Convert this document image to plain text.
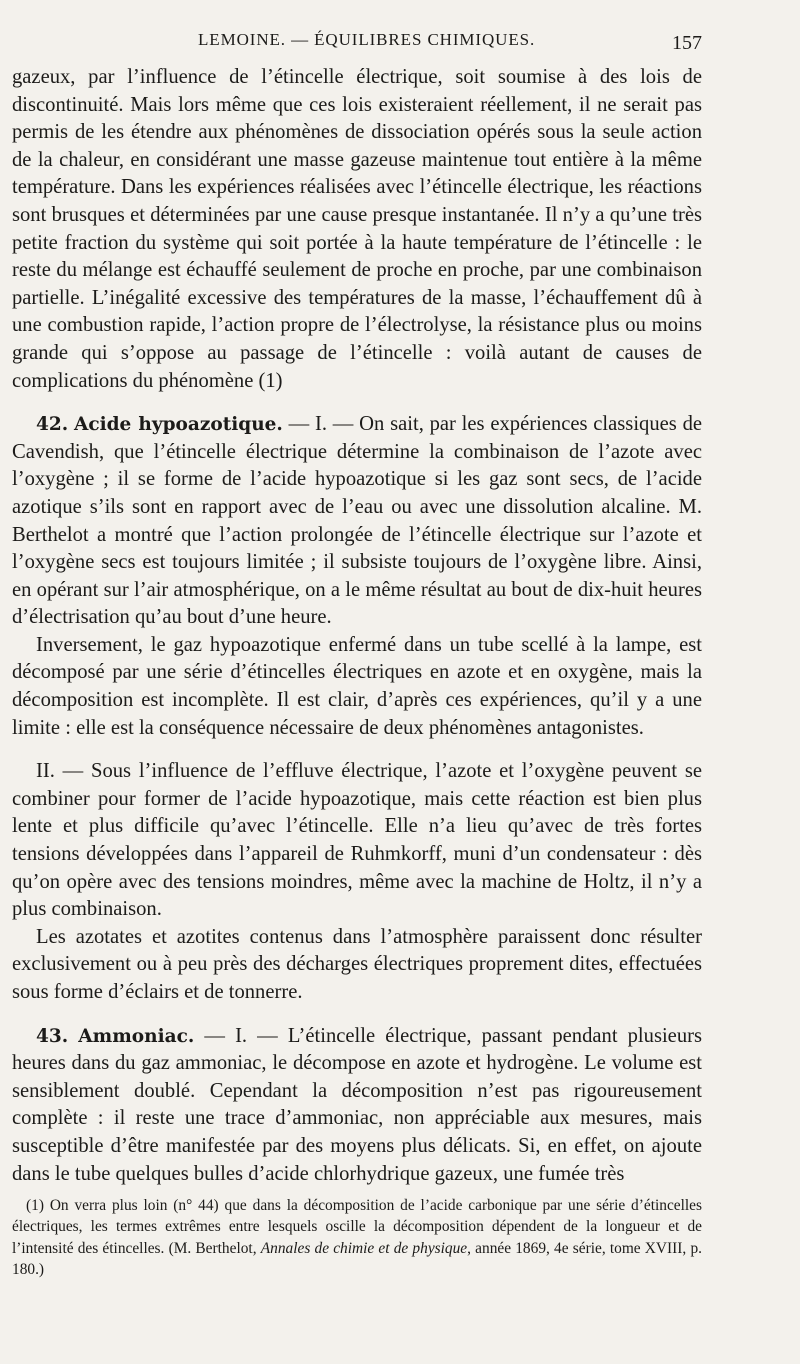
LEMOINE. — ÉQUILIBRES CHIMIQUES.	157

gazeux, par l’influence de l’étincelle électrique, soit soumise à des lois de discontinuité. Mais lors même que ces lois existeraient réellement, il ne serait pas permis de les étendre aux phénomènes de dissociation opérés sous la seule action de la chaleur, en considérant une masse gazeuse maintenue tout entière à la même température. Dans les expériences réalisées avec l’étincelle électrique, les réactions sont brusques et déterminées par une cause presque instantanée. Il n’y a qu’une très petite fraction du système qui soit portée à la haute température de l’étincelle : le reste du mélange est échauffé seulement de proche en proche, par une combinaison partielle. L’inégalité excessive des températures de la masse, l’échauffement dû à une combustion rapide, l’action propre de l’électrolyse, la résistance plus ou moins grande qui s’oppose au passage de l’étincelle : voilà autant de causes de complications du phénomène (1)

42. Acide hypoazotique. — I. — On sait, par les expériences classiques de Cavendish, que l’étincelle électrique détermine la combinaison de l’azote avec l’oxygène ; il se forme de l’acide hypoazotique si les gaz sont secs, de l’acide azotique s’ils sont en rapport avec de l’eau ou avec une dissolution alcaline. M. Berthelot a montré que l’action prolongée de l’étincelle électrique sur l’azote et l’oxygène secs est toujours limitée ; il subsiste toujours de l’oxygène libre. Ainsi, en opérant sur l’air atmosphérique, on a le même résultat au bout de dix-huit heures d’électrisation qu’au bout d’une heure.

Inversement, le gaz hypoazotique enfermé dans un tube scellé à la lampe, est décomposé par une série d’étincelles électriques en azote et en oxygène, mais la décomposition est incomplète. Il est clair, d’après ces expériences, qu’il y a une limite : elle est la conséquence nécessaire de deux phénomènes antagonistes.

II. — Sous l’influence de l’effluve électrique, l’azote et l’oxygène peuvent se combiner pour former de l’acide hypoazotique, mais cette réaction est bien plus lente et plus difficile qu’avec l’étincelle. Elle n’a lieu qu’avec de très fortes tensions développées dans l’appareil de Ruhmkorff, muni d’un condensateur : dès qu’on opère avec des tensions moindres, même avec la machine de Holtz, il n’y a plus combinaison.

Les azotates et azotites contenus dans l’atmosphère paraissent donc résulter exclusivement ou à peu près des décharges électriques proprement dites, effectuées sous forme d’éclairs et de tonnerre.

43. Ammoniac. — I. — L’étincelle électrique, passant pendant plusieurs heures dans du gaz ammoniac, le décompose en azote et hydrogène. Le volume est sensiblement doublé. Cependant la décomposition n’est pas rigoureusement complète : il reste une trace d’ammoniac, non appréciable aux mesures, mais susceptible d’être manifestée par des moyens plus délicats. Si, en effet, on ajoute dans le tube quelques bulles d’acide chlorhydrique gazeux, une fumée très

(1) On verra plus loin (n° 44) que dans la décomposition de l’acide carbonique par une série d’étincelles électriques, les termes extrêmes entre lesquels oscille la décomposition dépendent de la longueur et de l’intensité des étincelles. (M. Berthelot, Annales de chimie et de physique, année 1869, 4e série, tome XVIII, p. 180.)
